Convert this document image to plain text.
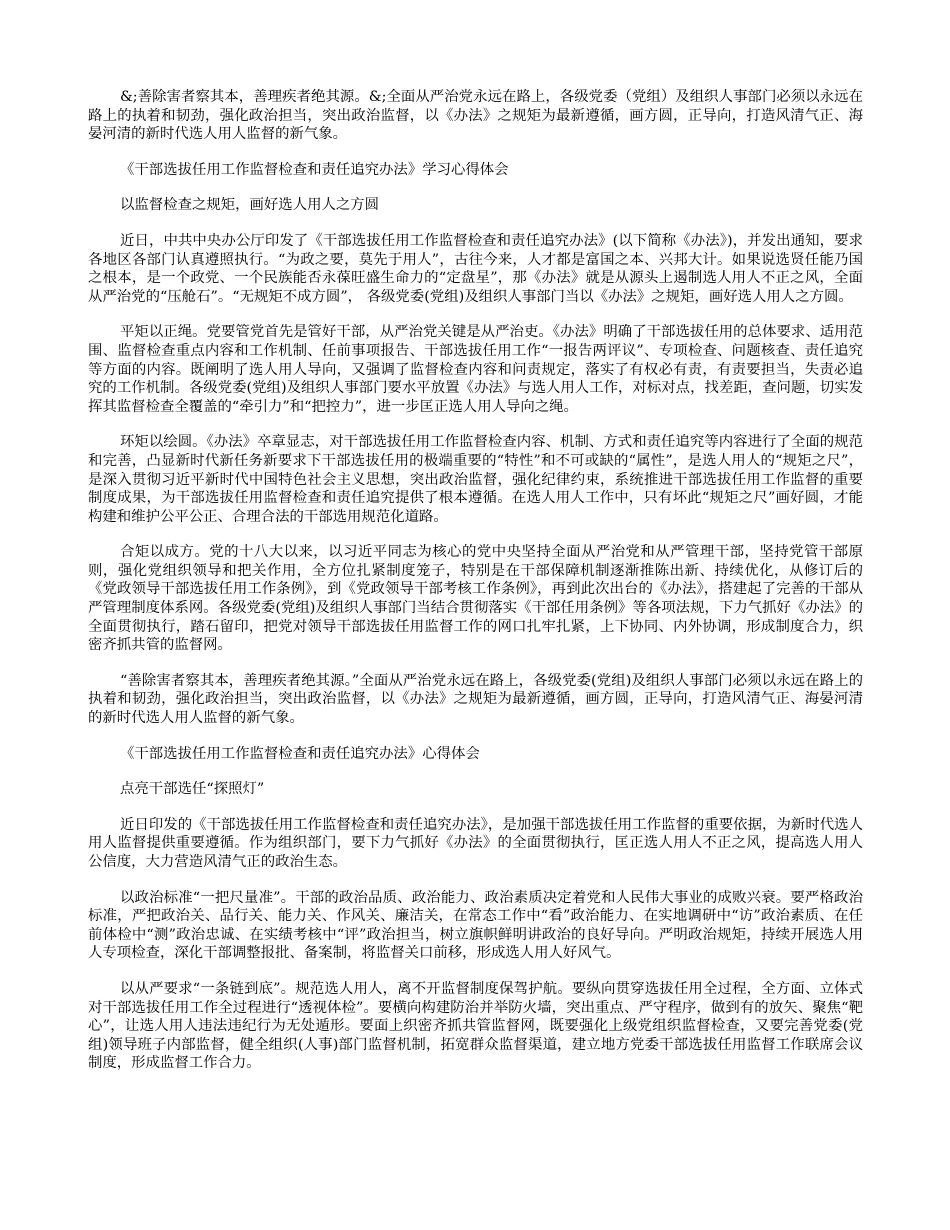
&;善除害者察其本，善理疾者绝其源。&;全面从严治党永远在路上，各级党委（党组）及组织人事部门必须以永远在路上的执着和韧劲，强化政治担当，突出政治监督，以《办法》之规矩为最新遵循，画方圆，正导向，打造风清气正、海晏河清的新时代选人用人监督的新气象。

《干部选拔任用工作监督检查和责任追究办法》学习心得体会

以监督检查之规矩，画好选人用人之方圆

近日，中共中央办公厅印发了《干部选拔任用工作监督检查和责任追究办法》(以下简称《办法》)，并发出通知，要求各地区各部门认真遵照执行。“为政之要，莫先于用人”，古往今来，人才都是富国之本、兴邦大计。如果说选贤任能乃国之根本，是一个政党、一个民族能否永葆旺盛生命力的“定盘星”，那《办法》就是从源头上遏制选人用人不正之风，全面从严治党的“压舱石”。“无规矩不成方圆”， 各级党委(党组)及组织人事部门当以《办法》之规矩，画好选人用人之方圆。

平矩以正绳。党要管党首先是管好干部，从严治党关键是从严治吏。《办法》明确了干部选拔任用的总体要求、适用范围、监督检查重点内容和工作机制、任前事项报告、干部选拔任用工作“一报告两评议”、专项检查、问题核查、责任追究等方面的内容。既阐明了选人用人导向，又强调了监督检查内容和问责规定，落实了有权必有责，有责要担当，失责必追究的工作机制。各级党委(党组)及组织人事部门要水平放置《办法》与选人用人工作，对标对点，找差距，查问题，切实发挥其监督检查全覆盖的“牵引力”和“把控力”，进一步匡正选人用人导向之绳。

环矩以绘圆。《办法》卒章显志，对干部选拔任用工作监督检查内容、机制、方式和责任追究等内容进行了全面的规范和完善，凸显新时代新任务新要求下干部选拔任用的极端重要的“特性”和不可或缺的“属性”，是选人用人的“规矩之尺”，是深入贯彻习近平新时代中国特色社会主义思想，突出政治监督，强化纪律约束，系统推进干部选拔任用工作监督的重要制度成果，为干部选拔任用监督检查和责任追究提供了根本遵循。在选人用人工作中，只有坏此“规矩之尺”画好圆，才能构建和维护公平公正、合理合法的干部选用规范化道路。

合矩以成方。党的十八大以来，以习近平同志为核心的党中央坚持全面从严治党和从严管理干部，坚持党管干部原则，强化党组织领导和把关作用，全方位扎紧制度笼子，特别是在干部保障机制逐渐推陈出新、持续优化，从修订后的《党政领导干部选拔任用工作条例》，到《党政领导干部考核工作条例》，再到此次出台的《办法》，搭建起了完善的干部从严管理制度体系网。各级党委(党组)及组织人事部门当结合贯彻落实《干部任用条例》等各项法规，下力气抓好《办法》的全面贯彻执行，踏石留印，把党对领导干部选拔任用监督工作的网口扎牢扎紧，上下协同、内外协调，形成制度合力，织密齐抓共管的监督网。

“善除害者察其本，善理疾者绝其源。”全面从严治党永远在路上，各级党委(党组)及组织人事部门必须以永远在路上的执着和韧劲，强化政治担当，突出政治监督，以《办法》之规矩为最新遵循，画方圆，正导向，打造风清气正、海晏河清的新时代选人用人监督的新气象。

《干部选拔任用工作监督检查和责任追究办法》心得体会

点亮干部选任“探照灯”

近日印发的《干部选拔任用工作监督检查和责任追究办法》，是加强干部选拔任用工作监督的重要依据，为新时代选人用人监督提供重要遵循。作为组织部门，要下力气抓好《办法》的全面贯彻执行，匡正选人用人不正之风，提高选人用人公信度，大力营造风清气正的政治生态。

以政治标准“一把尺量准”。干部的政治品质、政治能力、政治素质决定着党和人民伟大事业的成败兴衰。要严格政治标准，严把政治关、品行关、能力关、作风关、廉洁关，在常态工作中“看”政治能力、在实地调研中“访”政治素质、在任前体检中“测”政治忠诚、在实绩考核中“评”政治担当，树立旗帜鲜明讲政治的良好导向。严明政治规矩，持续开展选人用人专项检查，深化干部调整报批、备案制，将监督关口前移，形成选人用人好风气。

以从严要求“一条链到底”。规范选人用人，离不开监督制度保驾护航。要纵向贯穿选拔任用全过程，全方面、立体式对干部选拔任用工作全过程进行“透视体检”。要横向构建防治并举防火墙，突出重点、严守程序，做到有的放矢、聚焦“靶心”，让选人用人违法违纪行为无处遁形。要面上织密齐抓共管监督网，既要强化上级党组织监督检查，又要完善党委(党组)领导班子内部监督，健全组织(人事)部门监督机制，拓宽群众监督渠道，建立地方党委干部选拔任用监督工作联席会议制度，形成监督工作合力。
